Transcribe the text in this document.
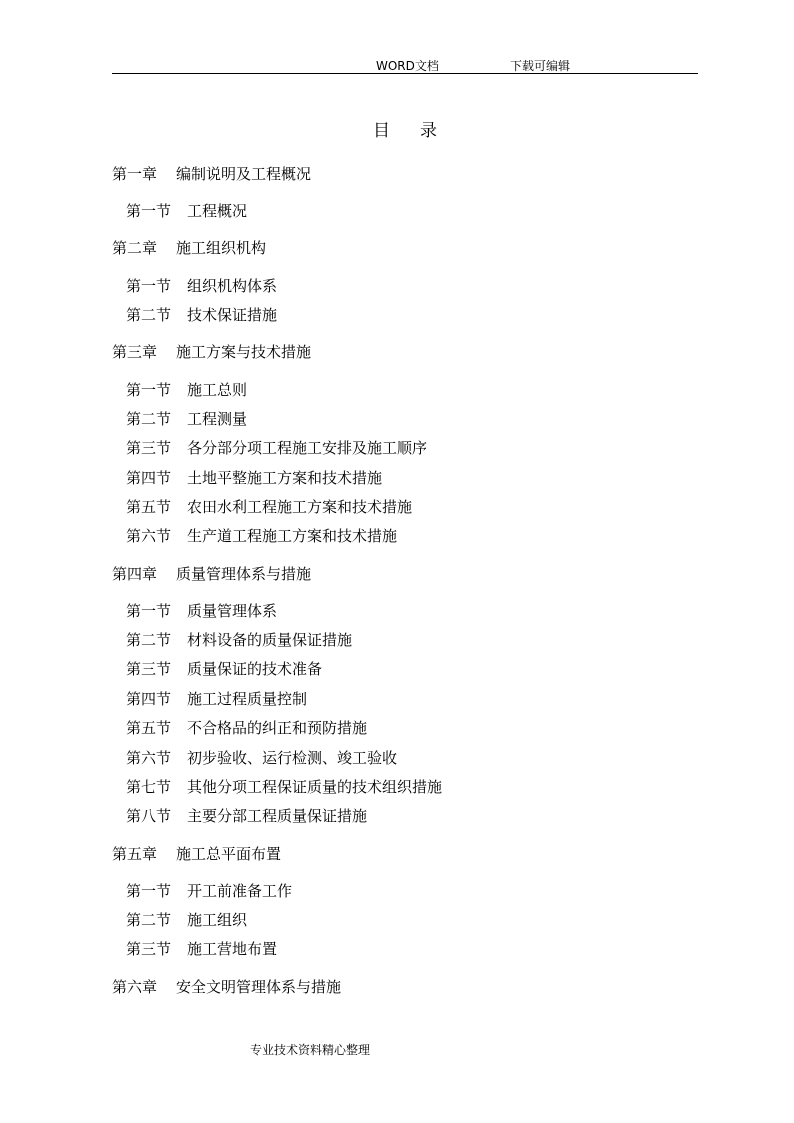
WORD文档	下载可编辑
目录
第一章 编制说明及工程概况
第一节 工程概况
第二章 施工组织机构
第一节 组织机构体系
第二节 技术保证措施
第三章 施工方案与技术措施
第一节 施工总则
第二节 工程测量
第三节 各分部分项工程施工安排及施工顺序
第四节 土地平整施工方案和技术措施
第五节 农田水利工程施工方案和技术措施
第六节 生产道工程施工方案和技术措施
第四章 质量管理体系与措施
第一节 质量管理体系
第二节 材料设备的质量保证措施
第三节 质量保证的技术准备
第四节 施工过程质量控制
第五节 不合格品的纠正和预防措施
第六节 初步验收、运行检测、竣工验收
第七节 其他分项工程保证质量的技术组织措施
第八节 主要分部工程质量保证措施
第五章 施工总平面布置
第一节 开工前准备工作
第二节 施工组织
第三节 施工营地布置
第六章 安全文明管理体系与措施
专业技术资料精心整理
